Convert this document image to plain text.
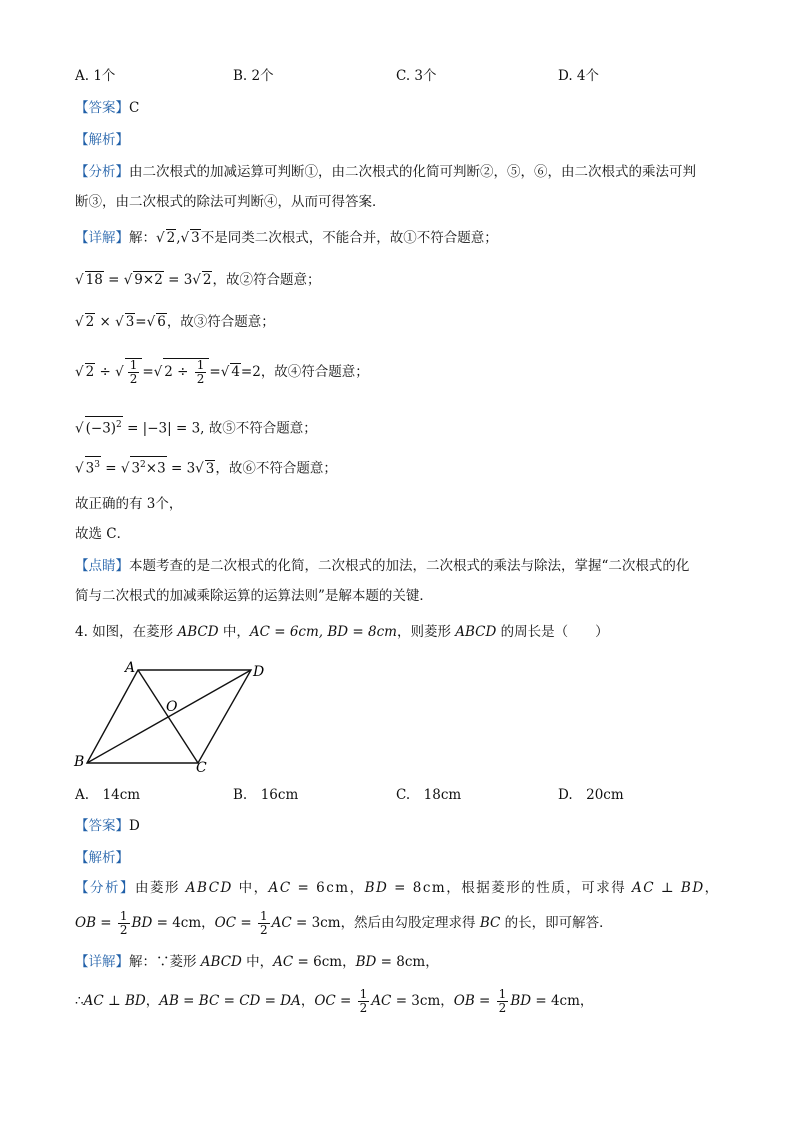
A. 1个	B. 2个	C. 3个	D. 4个
【答案】C
【解析】
【分析】由二次根式的加减运算可判断①，由二次根式的化简可判断②，⑤，⑥，由二次根式的乘法可判
断③，由二次根式的除法可判断④，从而可得答案．
【详解】解：√ 2,√ 3不是同类二次根式，不能合并，故①不符合题意；
√ 18 = √ 9×2 = 3√ 2，故②符合题意；
√ 2 × √ 3=√ 6，故③符合题意；
√ 2 ÷ √ $\frac{1}{2}$ =√ $2 \div \frac{1}{2}$ =√ 4=2，故④符合题意；
√ $(-3)^2 = |-3| = 3$, 故⑤不符合题意；
√ $3^3$ = √ $3^2\times 3 = 3√$ 3，故⑥不符合题意；
故正确的有 3个，
故选 C．
【点睛】本题考查的是二次根式的化简，二次根式的加法，二次根式的乘法与除法，掌握“二次根式的化
简与二次根式的加减乘除运算的运算法则”是解本题的关键．
4. 如图，在菱形 ABCD 中，AC = 6cm, BD = 8cm，则菱形 ABCD 的周长是（　　）
A	D
B	C
O
A.　14cm	B.　16cm	C.　18cm	D.　20cm
【答案】D
【解析】
【分析】由菱形 ABCD 中，AC = 6cm，BD = 8cm，根据菱形的性质，可求得 AC ⊥ BD，
OB = $\frac{1}{2}$ BD = 4cm，OC = $\frac{1}{2}$ AC = 3cm，然后由勾股定理求得 BC 的长，即可解答．
【详解】解：∵菱形 ABCD 中，AC = 6cm，BD = 8cm，
∴AC ⊥ BD，AB = BC = CD = DA，OC = $\frac{1}{2}$ AC = 3cm，OB = $\frac{1}{2}$ BD = 4cm，
